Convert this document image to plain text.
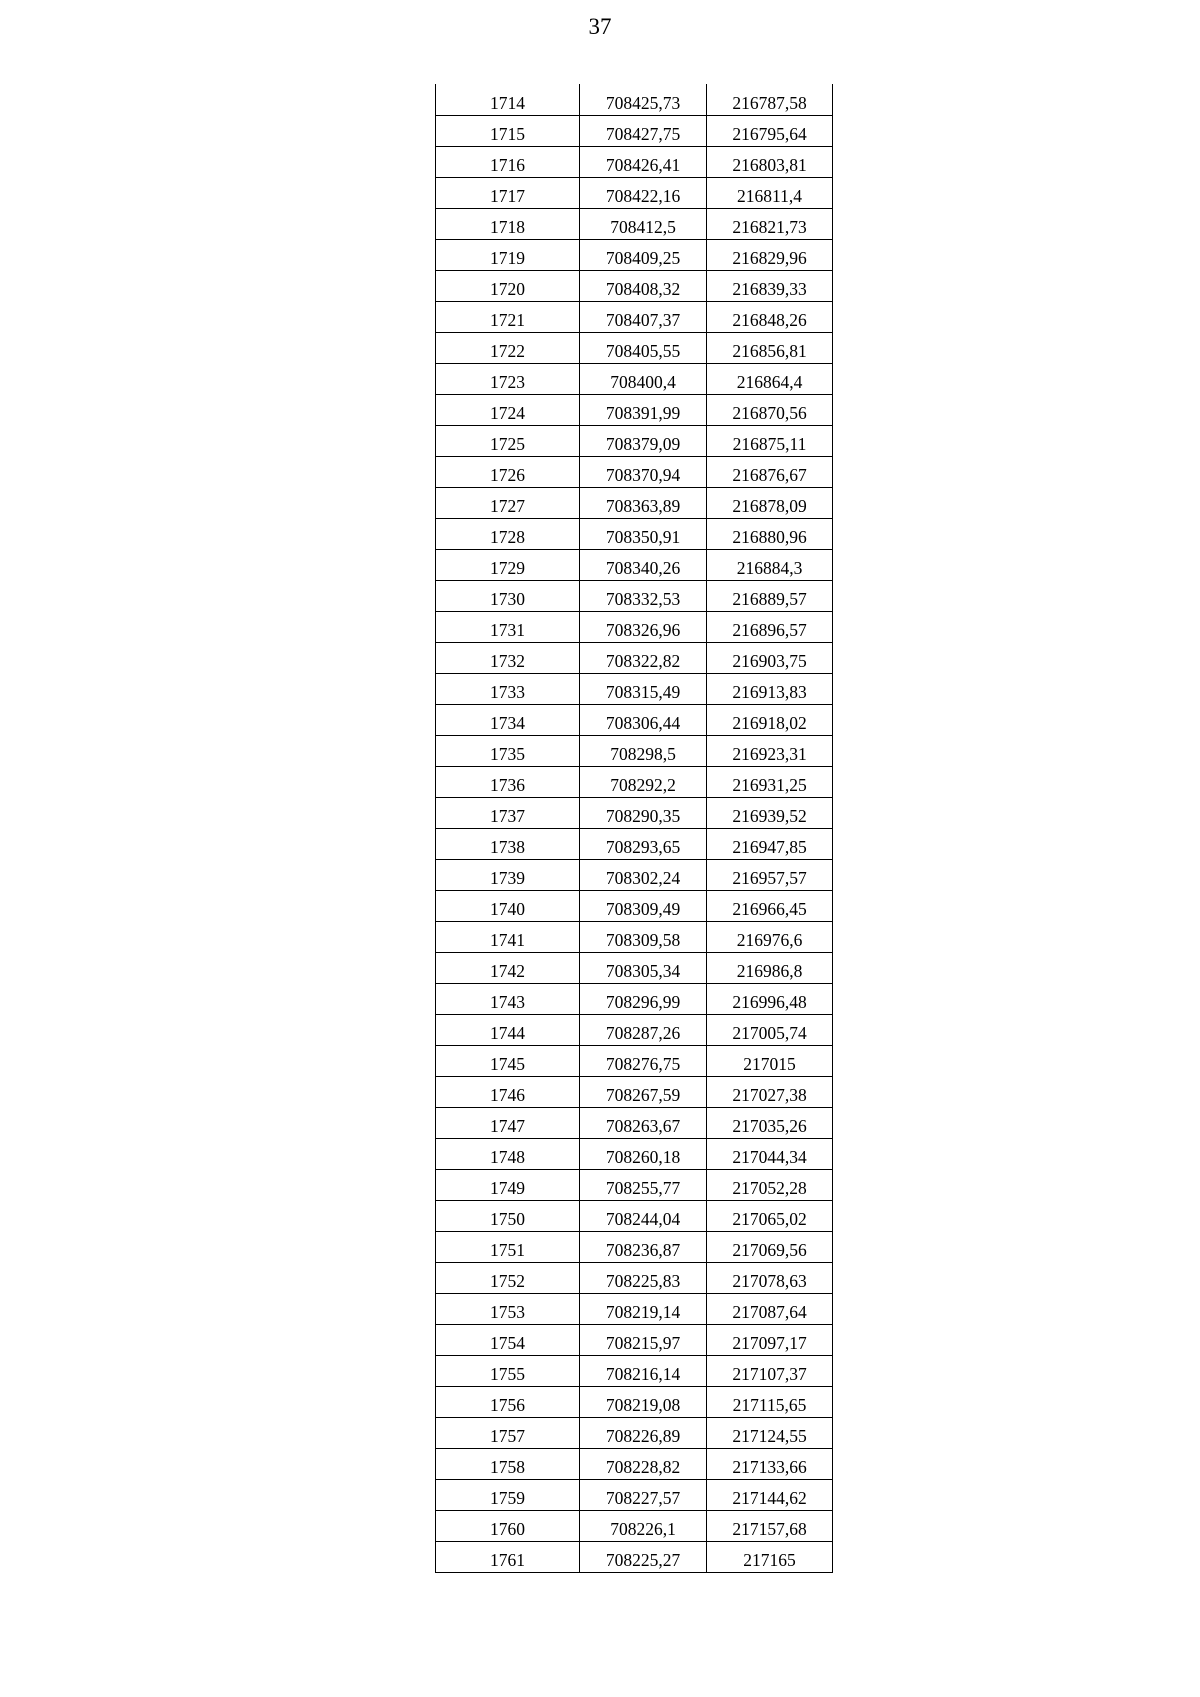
37
1714	708425,73	216787,58
1715	708427,75	216795,64
1716	708426,41	216803,81
1717	708422,16	216811,4
1718	708412,5	216821,73
1719	708409,25	216829,96
1720	708408,32	216839,33
1721	708407,37	216848,26
1722	708405,55	216856,81
1723	708400,4	216864,4
1724	708391,99	216870,56
1725	708379,09	216875,11
1726	708370,94	216876,67
1727	708363,89	216878,09
1728	708350,91	216880,96
1729	708340,26	216884,3
1730	708332,53	216889,57
1731	708326,96	216896,57
1732	708322,82	216903,75
1733	708315,49	216913,83
1734	708306,44	216918,02
1735	708298,5	216923,31
1736	708292,2	216931,25
1737	708290,35	216939,52
1738	708293,65	216947,85
1739	708302,24	216957,57
1740	708309,49	216966,45
1741	708309,58	216976,6
1742	708305,34	216986,8
1743	708296,99	216996,48
1744	708287,26	217005,74
1745	708276,75	217015
1746	708267,59	217027,38
1747	708263,67	217035,26
1748	708260,18	217044,34
1749	708255,77	217052,28
1750	708244,04	217065,02
1751	708236,87	217069,56
1752	708225,83	217078,63
1753	708219,14	217087,64
1754	708215,97	217097,17
1755	708216,14	217107,37
1756	708219,08	217115,65
1757	708226,89	217124,55
1758	708228,82	217133,66
1759	708227,57	217144,62
1760	708226,1	217157,68
1761	708225,27	217165
